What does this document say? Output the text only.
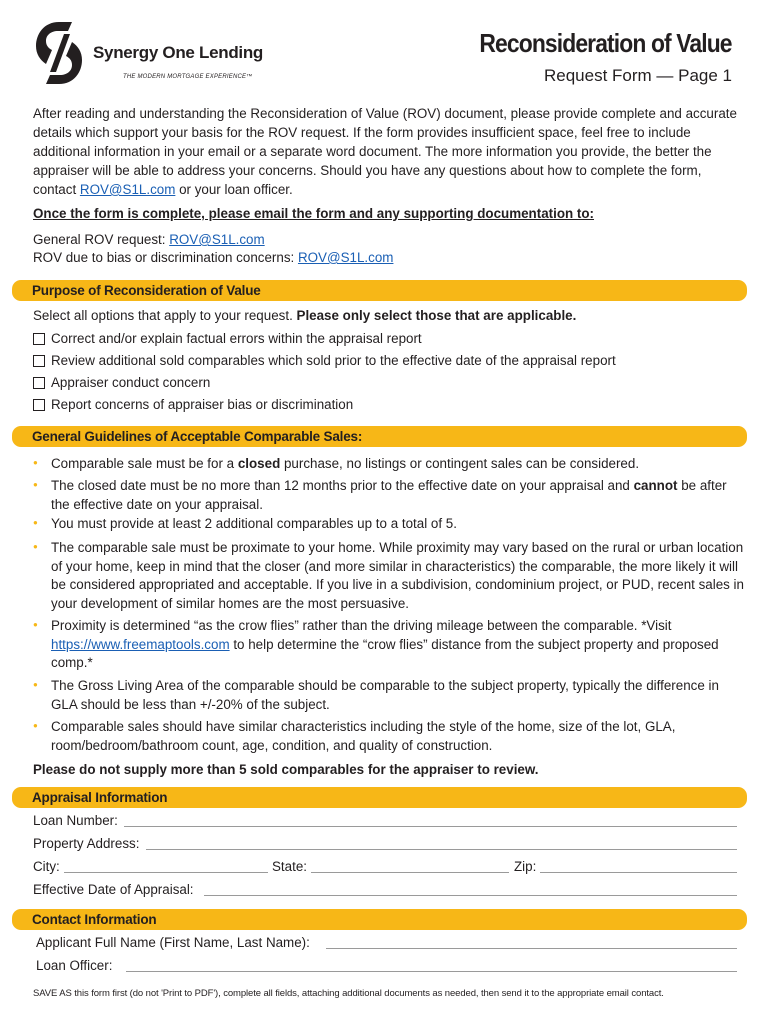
Synergy One Lending
THE MODERN MORTGAGE EXPERIENCE™
Reconsideration of Value
Request Form — Page 1
After reading and understanding the Reconsideration of Value (ROV) document, please provide complete and accurate details which support your basis for the ROV request. If the form provides insufficient space, feel free to include additional information in your email or a separate word document. The more information you provide, the better the appraiser will be able to address your concerns. Should you have any questions about how to complete the form, contact ROV@S1L.com or your loan officer.
Once the form is complete, please email the form and any supporting documentation to:
General ROV request: ROV@S1L.com
ROV due to bias or discrimination concerns: ROV@S1L.com
Purpose of Reconsideration of Value
Select all options that apply to your request. Please only select those that are applicable.
Correct and/or explain factual errors within the appraisal report
Review additional sold comparables which sold prior to the effective date of the appraisal report
Appraiser conduct concern
Report concerns of appraiser bias or discrimination
General Guidelines of Acceptable Comparable Sales:
● Comparable sale must be for a closed purchase, no listings or contingent sales can be considered.
● The closed date must be no more than 12 months prior to the effective date on your appraisal and cannot be after the effective date on your appraisal.
● You must provide at least 2 additional comparables up to a total of 5.
● The comparable sale must be proximate to your home. While proximity may vary based on the rural or urban location of your home, keep in mind that the closer (and more similar in characteristics) the comparable, the more likely it will be considered appropriated and acceptable. If you live in a subdivision, condominium project, or PUD, recent sales in your development of similar homes are the most persuasive.
● Proximity is determined “as the crow flies” rather than the driving mileage between the comparable. *Visit https://www.freemaptools.com to help determine the “crow flies” distance from the subject property and proposed comp.*
● The Gross Living Area of the comparable should be comparable to the subject property, typically the difference in GLA should be less than +/-20% of the subject.
● Comparable sales should have similar characteristics including the style of the home, size of the lot, GLA, room/bedroom/bathroom count, age, condition, and quality of construction.
Please do not supply more than 5 sold comparables for the appraiser to review.
Appraisal Information
Loan Number:
Property Address:
City:	State:	Zip:
Effective Date of Appraisal:
Contact Information
Applicant Full Name (First Name, Last Name):
Loan Officer:
SAVE AS this form first (do not 'Print to PDF'), complete all fields, attaching additional documents as needed, then send it to the appropriate email contact.
